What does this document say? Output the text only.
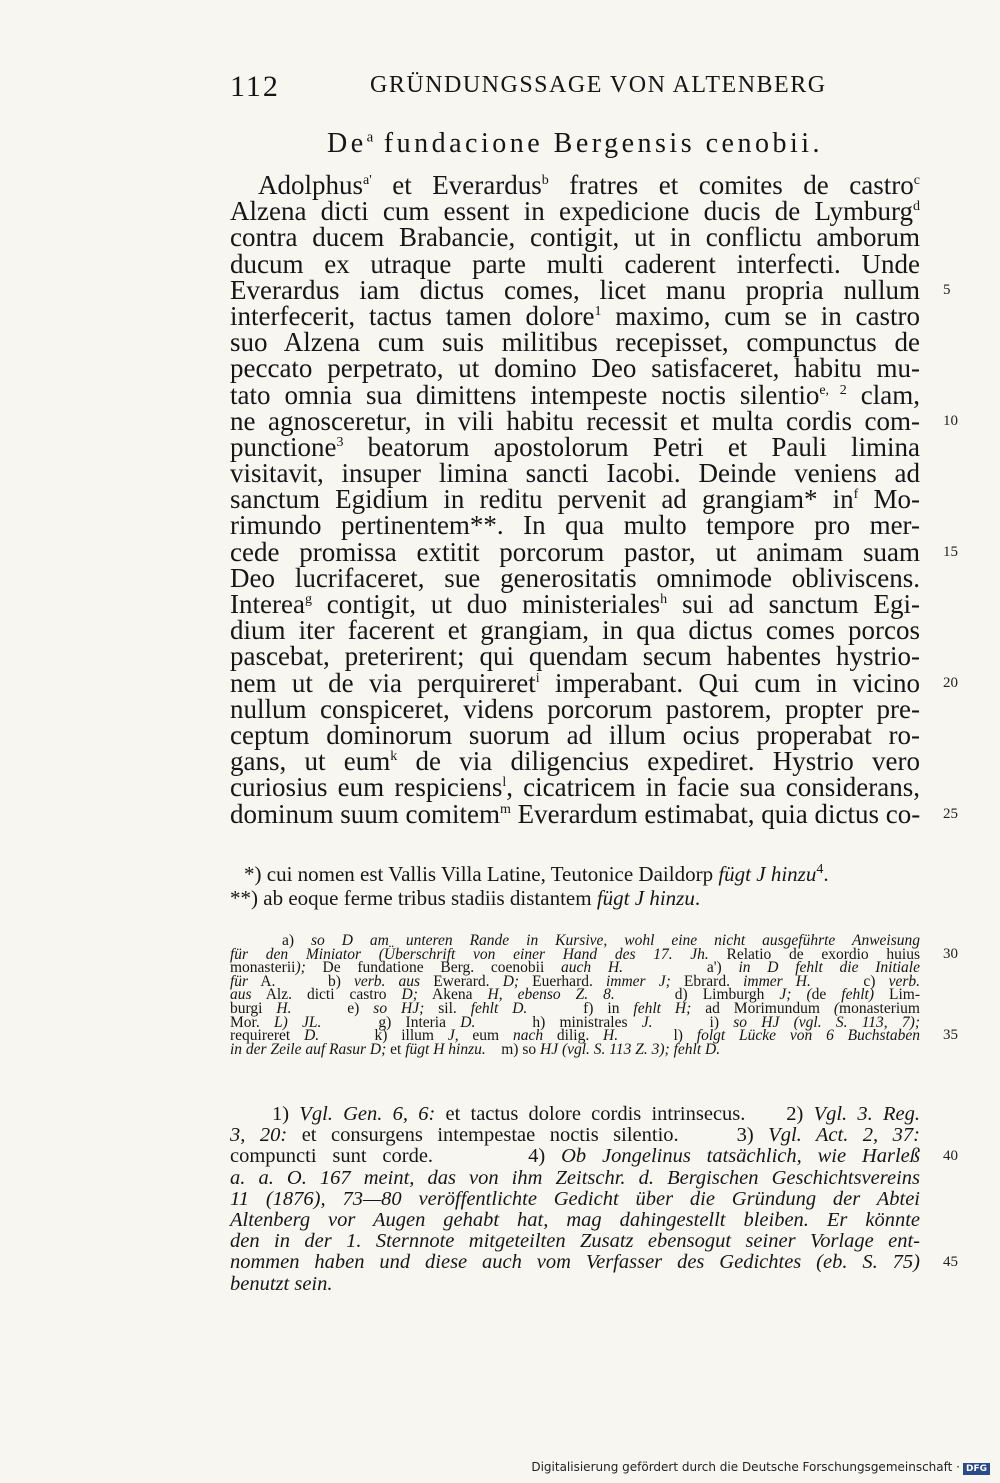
112	GRÜNDUNGSSAGE VON ALTENBERG
De$^a$ fundacione Bergensis cenobii.
Adolphus$^{a'}$ et Everardus$^b$ fratres et comites de castro$^c$
Alzena dicti cum essent in expedicione ducis de Lymburg$^d$
contra ducem Brabancie, contigit, ut in conflictu amborum
ducum ex utraque parte multi caderent interfecti. Unde
Everardus iam dictus comes, licet manu propria nullum 5
interfecerit, tactus tamen dolore$^1$ maximo, cum se in castro
suo Alzena cum suis militibus recepisset, compunctus de
peccato perpetrato, ut domino Deo satisfaceret, habitu mu-
tato omnia sua dimittens intempeste noctis silentio$^{e, 2}$ clam,
ne agnosceretur, in vili habitu recessit et multa cordis com- 10
punctione$^3$ beatorum apostolorum Petri et Pauli limina
visitavit, insuper limina sancti Iacobi. Deinde veniens ad
sanctum Egidium in reditu pervenit ad grangiam* $in^f$ Mo-
rimundo pertinentem**. In qua multo tempore pro mer-
cede promissa extitit porcorum pastor, ut animam suam 15
Deo lucrifaceret, sue generositatis omnimode obliviscens.
Interea$^g$ contigit, ut duo ministeriales$^h$ sui ad sanctum Egi-
dium iter facerent et grangiam, in qua dictus comes porcos
pascebat, preterirent; qui quendam secum habentes hystrio-
nem ut de via perquireret$^i$ imperabant. Qui cum in vicino 20
nullum conspiceret, videns porcorum pastorem, propter pre-
ceptum dominorum suorum ad illum ocius properabat ro-
gans, ut eum$^k$ de via diligencius expediret. Hystrio vero
curiosius eum respiciens$^l$, cicatricem in facie sua considerans,
dominum suum comitem$^m$ Everardum estimabat, quia dictus co- 25
*) cui nomen est Vallis Villa Latine, Teutonice Daildorp fügt J hinzu$^4$.
**) ab eoque ferme tribus stadiis distantem fügt J hinzu.
a) so D am unteren Rande in Kursive, wohl eine nicht ausgeführte Anweisung
für den Miniator (Überschrift von einer Hand des 17. Jh. Relatio de exordio huius 30
monasterii); De fundatione Berg. coenobii auch H.     a') in D fehlt die Initiale
für A.    b) verb. aus Ewerard. D; Euerhard. immer J; Ebrard. immer H.    c) verb.
aus Alz. dicti castro D; Akena H, ebenso Z. 8.    d) Limburgh J; (de fehlt) Lim-
burgi H.    e) so HJ; sil. fehlt D.    f) in fehlt H; ad Morimundum (monasterium
Mor. L) JL.    g) Interia D.    h) ministrales J.    i) so HJ (vgl. S. 113, 7);
requireret D.    k) illum J, eum nach dilig. H.    l) folgt Lücke von 6 Buchstaben 35
in der Zeile auf Rasur D; et fügt H hinzu.    m) so HJ (vgl. S. 113 Z. 3); fehlt D.
1) Vgl. Gen. 6, 6: et tactus dolore cordis intrinsecus.    2) Vgl. 3. Reg.
3, 20: et consurgens intempestae noctis silentio.    3) Vgl. Act. 2, 37:
compuncti sunt corde.      4) Ob Jongelinus tatsächlich, wie Harleß 40
a. a. O. 167 meint, das von ihm Zeitschr. d. Bergischen Geschichtsvereins
11 (1876), 73—80 veröffentlichte Gedicht über die Gründung der Abtei
Altenberg vor Augen gehabt hat, mag dahingestellt bleiben. Er könnte
den in der 1. Sternnote mitgeteilten Zusatz ebensogut seiner Vorlage ent-
nommen haben und diese auch vom Verfasser des Gedichtes (eb. S. 75) 45
benutzt sein.
Digitalisierung gefördert durch die Deutsche Forschungsgemeinschaft · DFG
